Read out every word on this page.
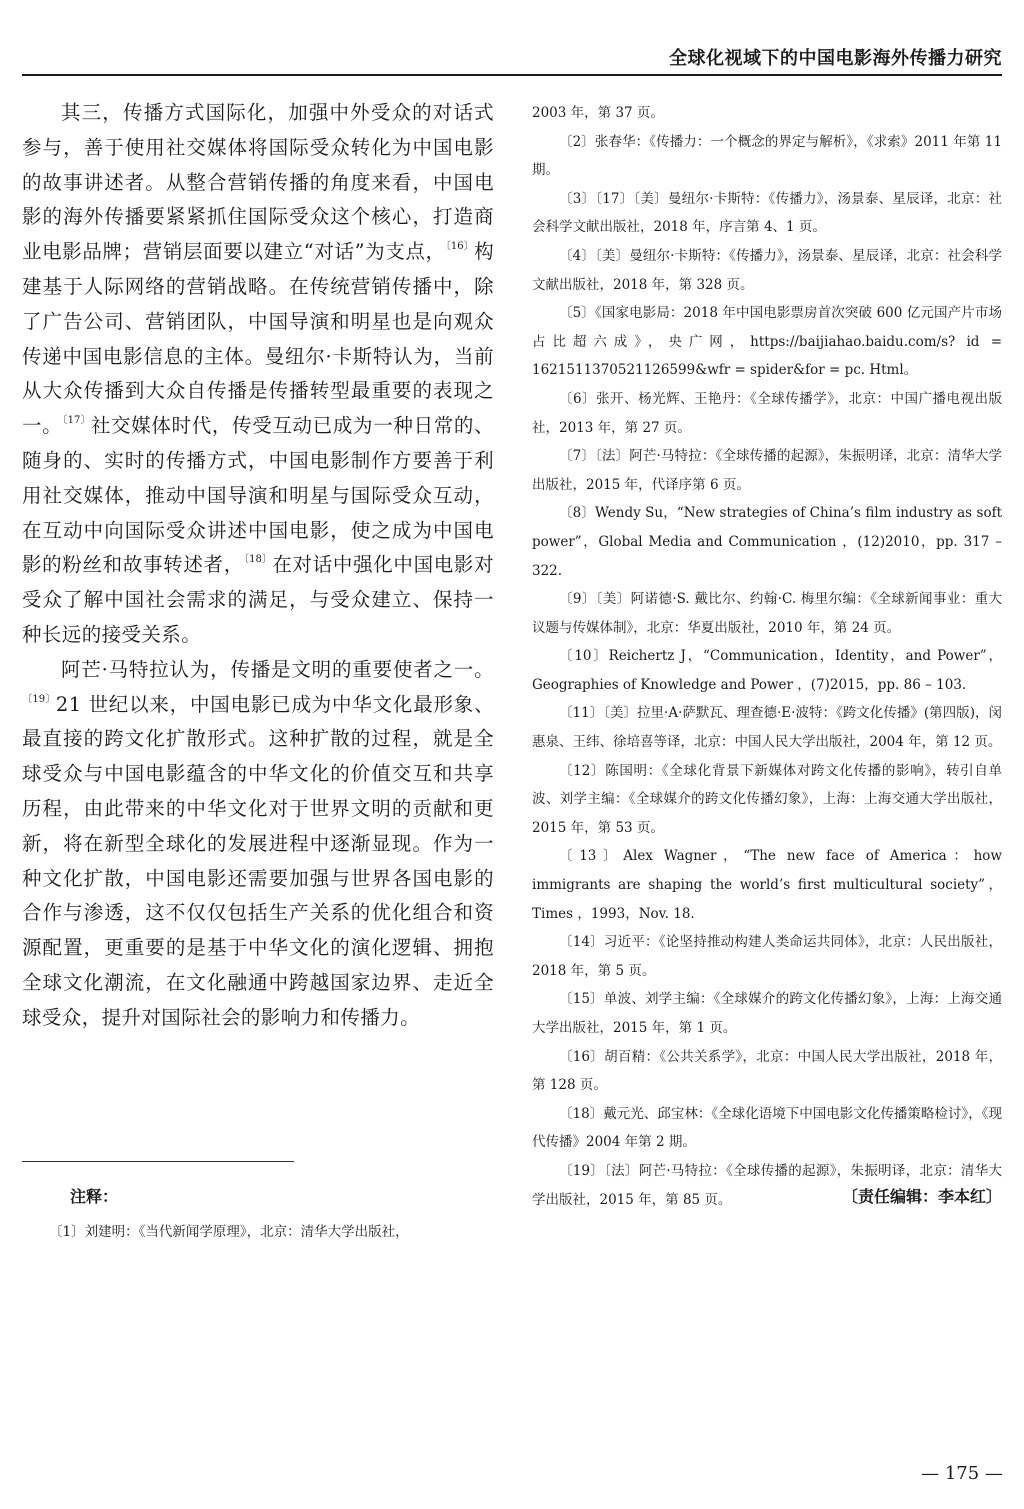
全球化视域下的中国电影海外传播力研究

其三，传播方式国际化，加强中外受众的对话式参与，善于使用社交媒体将国际受众转化为中国电影的故事讲述者。从整合营销传播的角度来看，中国电影的海外传播要紧紧抓住国际受众这个核心，打造商业电影品牌；营销层面要以建立“对话”为支点，$^{〔16〕}$构建基于人际网络的营销战略。在传统营销传播中，除了广告公司、营销团队，中国导演和明星也是向观众传递中国电影信息的主体。曼纽尔·卡斯特认为，当前从大众传播到大众自传播是传播转型最重要的表现之一。$^{〔17〕}$社交媒体时代，传受互动已成为一种日常的、随身的、实时的传播方式，中国电影制作方要善于利用社交媒体，推动中国导演和明星与国际受众互动，在互动中向国际受众讲述中国电影，使之成为中国电影的粉丝和故事转述者，$^{〔18〕}$在对话中强化中国电影对受众了解中国社会需求的满足，与受众建立、保持一种长远的接受关系。

阿芒·马特拉认为，传播是文明的重要使者之一。$^{〔19〕}$21 世纪以来，中国电影已成为中华文化最形象、最直接的跨文化扩散形式。这种扩散的过程，就是全球受众与中国电影蕴含的中华文化的价值交互和共享历程，由此带来的中华文化对于世界文明的贡献和更新，将在新型全球化的发展进程中逐渐显现。作为一种文化扩散，中国电影还需要加强与世界各国电影的合作与渗透，这不仅仅包括生产关系的优化组合和资源配置，更重要的是基于中华文化的演化逻辑、拥抱全球文化潮流，在文化融通中跨越国家边界、走近全球受众，提升对国际社会的影响力和传播力。

注释：

〔1〕刘建明：《当代新闻学原理》，北京：清华大学出版社，

2003 年，第 37 页。

〔2〕张春华：《传播力：一个概念的界定与解析》，《求索》2011 年第 11 期。

〔3〕〔17〕〔美〕曼纽尔·卡斯特：《传播力》，汤景泰、星辰译，北京：社会科学文献出版社，2018 年，序言第 4、1 页。

〔4〕〔美〕曼纽尔·卡斯特：《传播力》，汤景泰、星辰译，北京：社会科学文献出版社，2018 年，第 328 页。

〔5〕《国家电影局：2018 年中国电影票房首次突破 600 亿元国产片市场占比超六成》，央广网，https://baijiahao.baidu.com/s? id = 1621511370521126599&wfr = spider&for = pc. Html。

〔6〕张开、杨光辉、王艳丹：《全球传播学》，北京：中国广播电视出版社，2013 年，第 27 页。

〔7〕〔法〕阿芒·马特拉：《全球传播的起源》，朱振明译，北京：清华大学出版社，2015 年，代译序第 6 页。

〔8〕Wendy Su，“New strategies of China’s film industry as soft power”，Global Media and Communication ，(12)2010，pp. 317 – 322.

〔9〕〔美〕阿诺德·S. 戴比尔、约翰·C. 梅里尔编：《全球新闻事业：重大议题与传媒体制》，北京：华夏出版社，2010 年，第 24 页。

〔10〕Reichertz J，“Communication，Identity，and Power”，Geographies of Knowledge and Power ，(7)2015，pp. 86 – 103.

〔11〕〔美〕拉里·A·萨默瓦、理查德·E·波特：《跨文化传播》(第四版)，闵惠泉、王纬、徐培喜等译，北京：中国人民大学出版社，2004 年，第 12 页。

〔12〕陈国明：《全球化背景下新媒体对跨文化传播的影响》，转引自单波、刘学主编：《全球媒介的跨文化传播幻象》，上海：上海交通大学出版社，2015 年，第 53 页。

〔13〕Alex Wagner，“The new face of America：how immigrants are shaping the world’s first multicultural society”，Times ，1993，Nov. 18.

〔14〕习近平：《论坚持推动构建人类命运共同体》，北京：人民出版社，2018 年，第 5 页。

〔15〕单波、刘学主编：《全球媒介的跨文化传播幻象》，上海：上海交通大学出版社，2015 年，第 1 页。

〔16〕胡百精：《公共关系学》，北京：中国人民大学出版社，2018 年，第 128 页。

〔18〕戴元光、邱宝林：《全球化语境下中国电影文化传播策略检讨》，《现代传播》2004 年第 2 期。

〔19〕〔法〕阿芒·马特拉：《全球传播的起源》，朱振明译，北京：清华大学出版社，2015 年，第 85 页。	〔责任编辑：李本红〕
— 175 —
